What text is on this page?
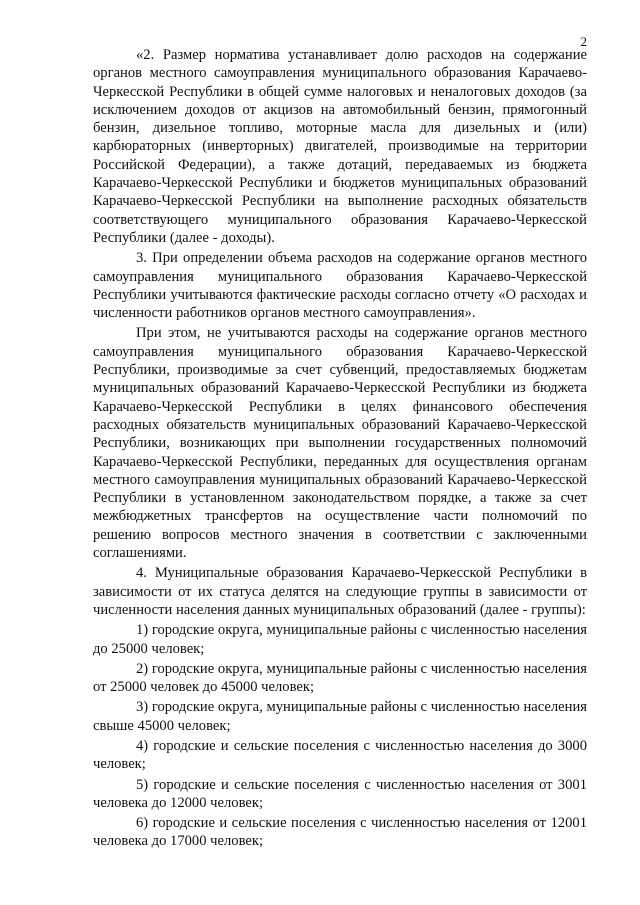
2

«2. Размер норматива устанавливает долю расходов на содержание органов местного самоуправления муниципального образования Карачаево-Черкесской Республики в общей сумме налоговых и неналоговых доходов (за исключением доходов от акцизов на автомобильный бензин, прямогонный бензин, дизельное топливо, моторные масла для дизельных и (или) карбюраторных (инверторных) двигателей, производимые на территории Российской Федерации), а также дотаций, передаваемых из бюджета Карачаево-Черкесской Республики и бюджетов муниципальных образований Карачаево-Черкесской Республики на выполнение расходных обязательств соответствующего муниципального образования Карачаево-Черкесской Республики (далее - доходы).

3. При определении объема расходов на содержание органов местного самоуправления муниципального образования Карачаево-Черкесской Республики учитываются фактические расходы согласно отчету «О расходах и численности работников органов местного самоуправления».

При этом, не учитываются расходы на содержание органов местного самоуправления муниципального образования Карачаево-Черкесской Республики, производимые за счет субвенций, предоставляемых бюджетам муниципальных образований Карачаево-Черкесской Республики из бюджета Карачаево-Черкесской Республики в целях финансового обеспечения расходных обязательств муниципальных образований Карачаево-Черкесской Республики, возникающих при выполнении государственных полномочий Карачаево-Черкесской Республики, переданных для осуществления органам местного самоуправления муниципальных образований Карачаево-Черкесской Республики в установленном законодательством порядке, а также за счет межбюджетных трансфертов на осуществление части полномочий по решению вопросов местного значения в соответствии с заключенными соглашениями.

4. Муниципальные образования Карачаево-Черкесской Республики в зависимости от их статуса делятся на следующие группы в зависимости от численности населения данных муниципальных образований (далее - группы):

1) городские округа, муниципальные районы с численностью населения до 25000 человек;

2) городские округа, муниципальные районы с численностью населения от 25000 человек до 45000 человек;

3) городские округа, муниципальные районы с численностью населения свыше 45000 человек;

4) городские и сельские поселения с численностью населения до 3000 человек;

5) городские и сельские поселения с численностью населения от 3001 человека до 12000 человек;

6) городские и сельские поселения с численностью населения от 12001 человека до 17000 человек;
